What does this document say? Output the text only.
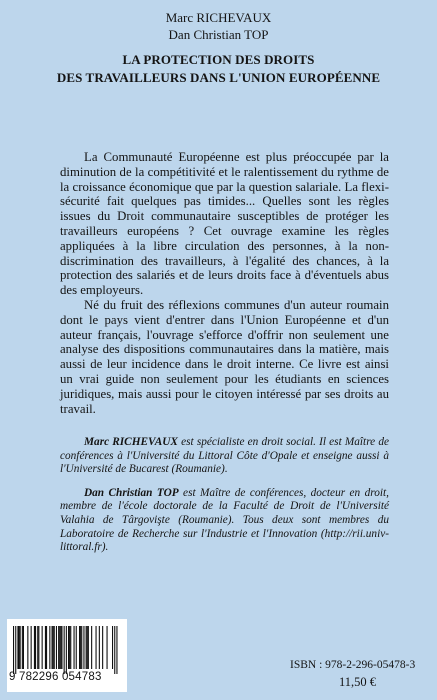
Marc RICHEVAUX
Dan Christian TOP
LA PROTECTION DES DROITS
DES TRAVAILLEURS DANS L'UNION EUROPÉENNE

La Communauté Européenne est plus préoccupée par la diminution de la compétitivité et le ralentissement du rythme de la croissance économique que par la question salariale. La flexi-sécurité fait quelques pas timides... Quelles sont les règles issues du Droit communautaire susceptibles de protéger les travailleurs européens ? Cet ouvrage examine les règles appliquées à la libre circulation des personnes, à la non-discrimination des travailleurs, à l'égalité des chances, à la protection des salariés et de leurs droits face à d'éventuels abus des employeurs.

Né du fruit des réflexions communes d'un auteur roumain dont le pays vient d'entrer dans l'Union Européenne et d'un auteur français, l'ouvrage s'efforce d'offrir non seulement une analyse des dispositions communautaires dans la matière, mais aussi de leur incidence dans le droit interne. Ce livre est ainsi un vrai guide non seulement pour les étudiants en sciences juridiques, mais aussi pour le citoyen intéressé par ses droits au travail.

Marc RICHEVAUX est spécialiste en droit social. Il est Maître de conférences à l'Université du Littoral Côte d'Opale et enseigne aussi à l'Université de Bucarest (Roumanie).

Dan Christian TOP est Maître de conférences, docteur en droit, membre de l'école doctorale de la Faculté de Droit de l'Université Valahia de Târgovişte (Roumanie). Tous deux sont membres du Laboratoire de Recherche sur l'Industrie et l'Innovation (http://rii.univ-littoral.fr).

9 782296 054783
ISBN : 978-2-296-05478-3
11,50 €
